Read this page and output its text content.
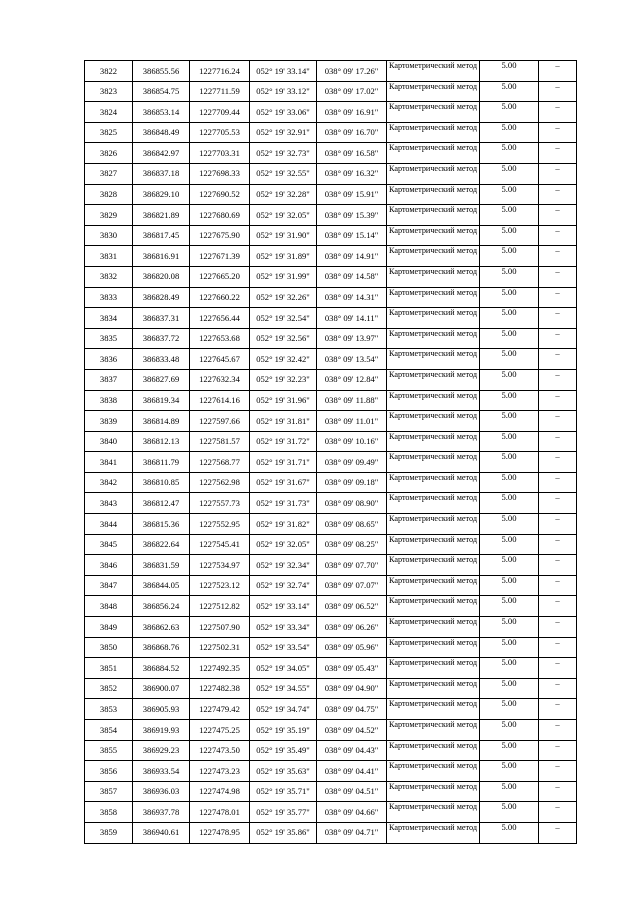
3822	386855.56	1227716.24	052° 19' 33.14"	038° 09' 17.26"	Картометрический метод	5.00	–
3823	386854.75	1227711.59	052° 19' 33.12"	038° 09' 17.02"	Картометрический метод	5.00	–
3824	386853.14	1227709.44	052° 19' 33.06"	038° 09' 16.91"	Картометрический метод	5.00	–
3825	386848.49	1227705.53	052° 19' 32.91"	038° 09' 16.70"	Картометрический метод	5.00	–
3826	386842.97	1227703.31	052° 19' 32.73"	038° 09' 16.58"	Картометрический метод	5.00	–
3827	386837.18	1227698.33	052° 19' 32.55"	038° 09' 16.32"	Картометрический метод	5.00	–
3828	386829.10	1227690.52	052° 19' 32.28"	038° 09' 15.91"	Картометрический метод	5.00	–
3829	386821.89	1227680.69	052° 19' 32.05"	038° 09' 15.39"	Картометрический метод	5.00	–
3830	386817.45	1227675.90	052° 19' 31.90"	038° 09' 15.14"	Картометрический метод	5.00	–
3831	386816.91	1227671.39	052° 19' 31.89"	038° 09' 14.91"	Картометрический метод	5.00	–
3832	386820.08	1227665.20	052° 19' 31.99"	038° 09' 14.58"	Картометрический метод	5.00	–
3833	386828.49	1227660.22	052° 19' 32.26"	038° 09' 14.31"	Картометрический метод	5.00	–
3834	386837.31	1227656.44	052° 19' 32.54"	038° 09' 14.11"	Картометрический метод	5.00	–
3835	386837.72	1227653.68	052° 19' 32.56"	038° 09' 13.97"	Картометрический метод	5.00	–
3836	386833.48	1227645.67	052° 19' 32.42"	038° 09' 13.54"	Картометрический метод	5.00	–
3837	386827.69	1227632.34	052° 19' 32.23"	038° 09' 12.84"	Картометрический метод	5.00	–
3838	386819.34	1227614.16	052° 19' 31.96"	038° 09' 11.88"	Картометрический метод	5.00	–
3839	386814.89	1227597.66	052° 19' 31.81"	038° 09' 11.01"	Картометрический метод	5.00	–
3840	386812.13	1227581.57	052° 19' 31.72"	038° 09' 10.16"	Картометрический метод	5.00	–
3841	386811.79	1227568.77	052° 19' 31.71"	038° 09' 09.49"	Картометрический метод	5.00	–
3842	386810.85	1227562.98	052° 19' 31.67"	038° 09' 09.18"	Картометрический метод	5.00	–
3843	386812.47	1227557.73	052° 19' 31.73"	038° 09' 08.90"	Картометрический метод	5.00	–
3844	386815.36	1227552.95	052° 19' 31.82"	038° 09' 08.65"	Картометрический метод	5.00	–
3845	386822.64	1227545.41	052° 19' 32.05"	038° 09' 08.25"	Картометрический метод	5.00	–
3846	386831.59	1227534.97	052° 19' 32.34"	038° 09' 07.70"	Картометрический метод	5.00	–
3847	386844.05	1227523.12	052° 19' 32.74"	038° 09' 07.07"	Картометрический метод	5.00	–
3848	386856.24	1227512.82	052° 19' 33.14"	038° 09' 06.52"	Картометрический метод	5.00	–
3849	386862.63	1227507.90	052° 19' 33.34"	038° 09' 06.26"	Картометрический метод	5.00	–
3850	386868.76	1227502.31	052° 19' 33.54"	038° 09' 05.96"	Картометрический метод	5.00	–
3851	386884.52	1227492.35	052° 19' 34.05"	038° 09' 05.43"	Картометрический метод	5.00	–
3852	386900.07	1227482.38	052° 19' 34.55"	038° 09' 04.90"	Картометрический метод	5.00	–
3853	386905.93	1227479.42	052° 19' 34.74"	038° 09' 04.75"	Картометрический метод	5.00	–
3854	386919.93	1227475.25	052° 19' 35.19"	038° 09' 04.52"	Картометрический метод	5.00	–
3855	386929.23	1227473.50	052° 19' 35.49"	038° 09' 04.43"	Картометрический метод	5.00	–
3856	386933.54	1227473.23	052° 19' 35.63"	038° 09' 04.41"	Картометрический метод	5.00	–
3857	386936.03	1227474.98	052° 19' 35.71"	038° 09' 04.51"	Картометрический метод	5.00	–
3858	386937.78	1227478.01	052° 19' 35.77"	038° 09' 04.66"	Картометрический метод	5.00	–
3859	386940.61	1227478.95	052° 19' 35.86"	038° 09' 04.71"	Картометрический метод	5.00	–
